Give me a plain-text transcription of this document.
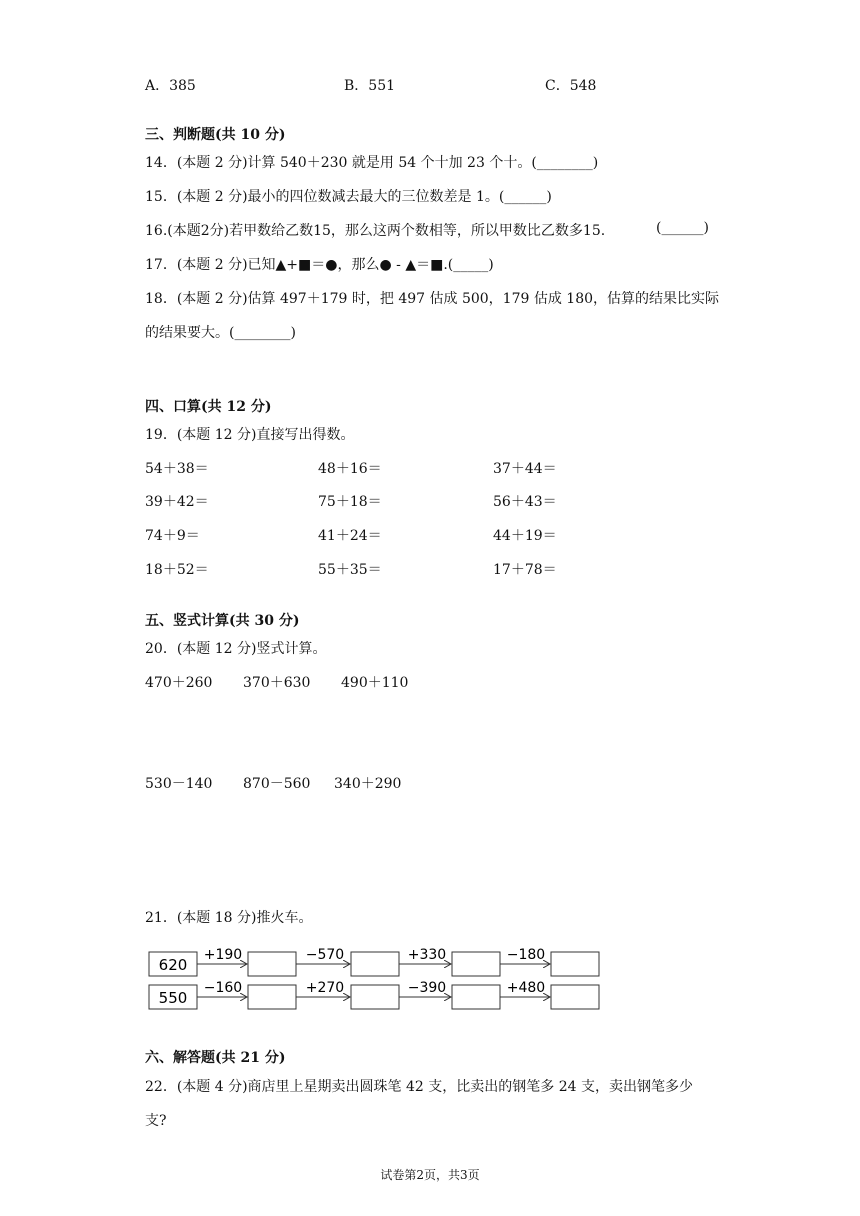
A．385	B．551	C．548
三、判断题(共 10 分)
14．(本题 2 分)计算 540＋230 就是用 54 个十加 23 个十。(________)
15．(本题 2 分)最小的四位数减去最大的三位数差是 1。(______)
16.(本题2分)若甲数给乙数15，那么这两个数相等，所以甲数比乙数多15.	(______)
17．(本题 2 分)已知▲+■＝●，那么● - ▲＝■.(_____)
18．(本题 2 分)估算 497＋179 时，把 497 估成 500，179 估成 180，估算的结果比实际
的结果要大。(________)
四、口算(共 12 分)
19．(本题 12 分)直接写出得数。
54＋38＝	48＋16＝	37＋44＝
39＋42＝	75＋18＝	56＋43＝
74＋9＝	41＋24＝	44＋19＝
18＋52＝	55＋35＝	17＋78＝
五、竖式计算(共 30 分)
20．(本题 12 分)竖式计算。
470＋260 370＋630 490＋110
530－140 870－560 340＋290
21．(本题 18 分)推火车。
620
+190	−570	+330	−180
550
−160	+270	−390	+480
六、解答题(共 21 分)
22．(本题 4 分)商店里上星期卖出圆珠笔 42 支，比卖出的钢笔多 24 支，卖出钢笔多少
支?
试卷第2页，共3页
